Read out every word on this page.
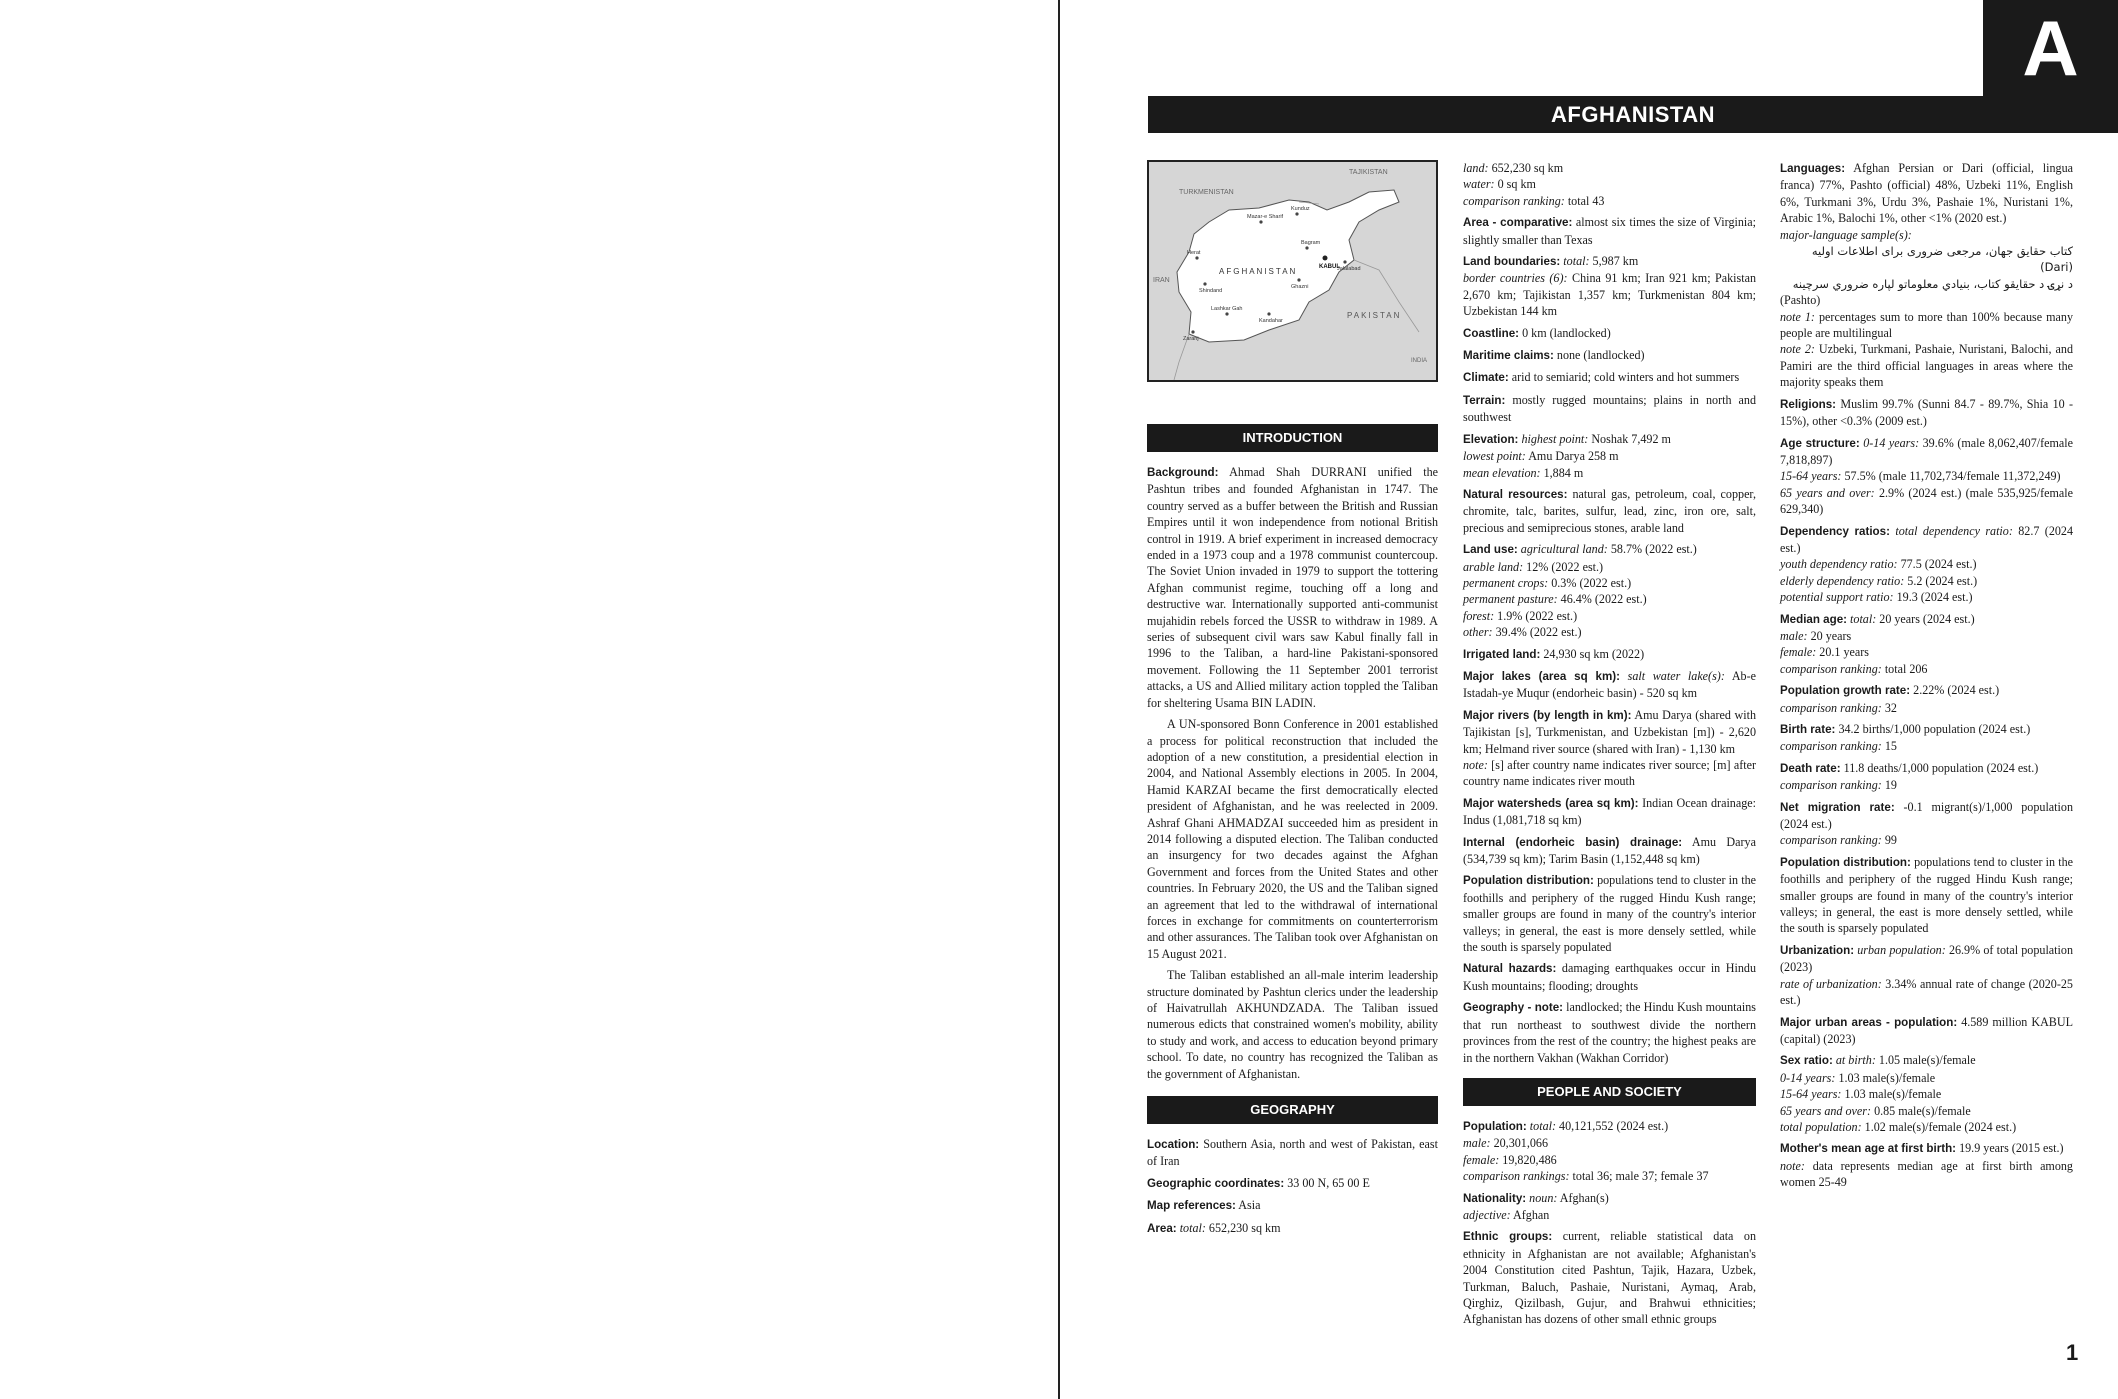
A
AFGHANISTAN
TAJIKISTAN
TURKMENISTAN
AFGHANISTAN
IRAN
PAKISTAN
INDIA
KABUL
Herat
Mazar-e Sharif
Kandahar
Jalalabad
Ghazni
Lashkar Gah
Zaranj
Shindand
Kunduz
Bagram
INTRODUCTION
Background: Ahmad Shah DURRANI unified the Pashtun tribes and founded Afghanistan in 1747. The country served as a buffer between the British and Russian Empires until it won independence from notional British control in 1919. A brief experiment in increased democracy ended in a 1973 coup and a 1978 communist countercoup. The Soviet Union invaded in 1979 to support the tottering Afghan communist regime, touching off a long and destructive war. Internationally supported anti-communist mujahidin rebels forced the USSR to withdraw in 1989. A series of subsequent civil wars saw Kabul finally fall in 1996 to the Taliban, a hard-line Pakistani-sponsored movement. Following the 11 September 2001 terrorist attacks, a US and Allied military action toppled the Taliban for sheltering Usama BIN LADIN.
A UN-sponsored Bonn Conference in 2001 established a process for political reconstruction that included the adoption of a new constitution, a presidential election in 2004, and National Assembly elections in 2005. In 2004, Hamid KARZAI became the first democratically elected president of Afghanistan, and he was reelected in 2009. Ashraf Ghani AHMADZAI succeeded him as president in 2014 following a disputed election. The Taliban conducted an insurgency for two decades against the Afghan Government and forces from the United States and other countries. In February 2020, the US and the Taliban signed an agreement that led to the withdrawal of international forces in exchange for commitments on counterterrorism and other assurances. The Taliban took over Afghanistan on 15 August 2021.
The Taliban established an all-male interim leadership structure dominated by Pashtun clerics under the leadership of Haivatrullah AKHUNDZADA. The Taliban issued numerous edicts that constrained women's mobility, ability to study and work, and access to education beyond primary school. To date, no country has recognized the Taliban as the government of Afghanistan.
GEOGRAPHY
Location: Southern Asia, north and west of Pakistan, east of Iran
Geographic coordinates: 33 00 N, 65 00 E
Map references: Asia
Area: total: 652,230 sq km
land: 652,230 sq km
water: 0 sq km
comparison ranking: total 43
Area - comparative: almost six times the size of Virginia; slightly smaller than Texas
Land boundaries: total: 5,987 km
border countries (6): China 91 km; Iran 921 km; Pakistan 2,670 km; Tajikistan 1,357 km; Turkmenistan 804 km; Uzbekistan 144 km
Coastline: 0 km (landlocked)
Maritime claims: none (landlocked)
Climate: arid to semiarid; cold winters and hot summers
Terrain: mostly rugged mountains; plains in north and southwest
Elevation: highest point: Noshak 7,492 m
lowest point: Amu Darya 258 m
mean elevation: 1,884 m
Natural resources: natural gas, petroleum, coal, copper, chromite, talc, barites, sulfur, lead, zinc, iron ore, salt, precious and semiprecious stones, arable land
Land use: agricultural land: 58.7% (2022 est.)
arable land: 12% (2022 est.)
permanent crops: 0.3% (2022 est.)
permanent pasture: 46.4% (2022 est.)
forest: 1.9% (2022 est.)
other: 39.4% (2022 est.)
Irrigated land: 24,930 sq km (2022)
Major lakes (area sq km): salt water lake(s): Ab-e Istadah-ye Muqur (endorheic basin) - 520 sq km
Major rivers (by length in km): Amu Darya (shared with Tajikistan [s], Turkmenistan, and Uzbekistan [m]) - 2,620 km; Helmand river source (shared with Iran) - 1,130 km
note: [s] after country name indicates river source; [m] after country name indicates river mouth
Major watersheds (area sq km): Indian Ocean drainage: Indus (1,081,718 sq km)
Internal (endorheic basin) drainage: Amu Darya (534,739 sq km); Tarim Basin (1,152,448 sq km)
Population distribution: populations tend to cluster in the foothills and periphery of the rugged Hindu Kush range; smaller groups are found in many of the country's interior valleys; in general, the east is more densely settled, while the south is sparsely populated
Natural hazards: damaging earthquakes occur in Hindu Kush mountains; flooding; droughts
Geography - note: landlocked; the Hindu Kush mountains that run northeast to southwest divide the northern provinces from the rest of the country; the highest peaks are in the northern Vakhan (Wakhan Corridor)
PEOPLE AND SOCIETY
Population: total: 40,121,552 (2024 est.)
male: 20,301,066
female: 19,820,486
comparison rankings: total 36; male 37; female 37
Nationality: noun: Afghan(s)
adjective: Afghan
Ethnic groups: current, reliable statistical data on ethnicity in Afghanistan are not available; Afghanistan's 2004 Constitution cited Pashtun, Tajik, Hazara, Uzbek, Turkman, Baluch, Pashaie, Nuristani, Aymaq, Arab, Qirghiz, Qizilbash, Gujur, and Brahwui ethnicities; Afghanistan has dozens of other small ethnic groups
Languages: Afghan Persian or Dari (official, lingua franca) 77%, Pashto (official) 48%, Uzbeki 11%, English 6%, Turkmani 3%, Urdu 3%, Pashaie 1%, Nuristani 1%, Arabic 1%, Balochi 1%, other <1% (2020 est.)
major-language sample(s):
کتاب حقایق جهان، مرجعی ضروری برای اطلاعات اولیه (Dari)
د نړۍ د حقایقو کتاب، بنیادي معلوماتو لپاره ضروري سرچینه
(Pashto)
note 1: percentages sum to more than 100% because many people are multilingual
note 2: Uzbeki, Turkmani, Pashaie, Nuristani, Balochi, and Pamiri are the third official languages in areas where the majority speaks them
Religions: Muslim 99.7% (Sunni 84.7 - 89.7%, Shia 10 - 15%), other <0.3% (2009 est.)
Age structure: 0-14 years: 39.6% (male 8,062,407/female 7,818,897)
15-64 years: 57.5% (male 11,702,734/female 11,372,249)
65 years and over: 2.9% (2024 est.) (male 535,925/female 629,340)
Dependency ratios: total dependency ratio: 82.7 (2024 est.)
youth dependency ratio: 77.5 (2024 est.)
elderly dependency ratio: 5.2 (2024 est.)
potential support ratio: 19.3 (2024 est.)
Median age: total: 20 years (2024 est.)
male: 20 years
female: 20.1 years
comparison ranking: total 206
Population growth rate: 2.22% (2024 est.)
comparison ranking: 32
Birth rate: 34.2 births/1,000 population (2024 est.)
comparison ranking: 15
Death rate: 11.8 deaths/1,000 population (2024 est.)
comparison ranking: 19
Net migration rate: -0.1 migrant(s)/1,000 population (2024 est.)
comparison ranking: 99
Population distribution: populations tend to cluster in the foothills and periphery of the rugged Hindu Kush range; smaller groups are found in many of the country's interior valleys; in general, the east is more densely settled, while the south is sparsely populated
Urbanization: urban population: 26.9% of total population (2023)
rate of urbanization: 3.34% annual rate of change (2020-25 est.)
Major urban areas - population: 4.589 million KABUL (capital) (2023)
Sex ratio: at birth: 1.05 male(s)/female
0-14 years: 1.03 male(s)/female
15-64 years: 1.03 male(s)/female
65 years and over: 0.85 male(s)/female
total population: 1.02 male(s)/female (2024 est.)
Mother's mean age at first birth: 19.9 years (2015 est.)
note: data represents median age at first birth among women 25-49
1
